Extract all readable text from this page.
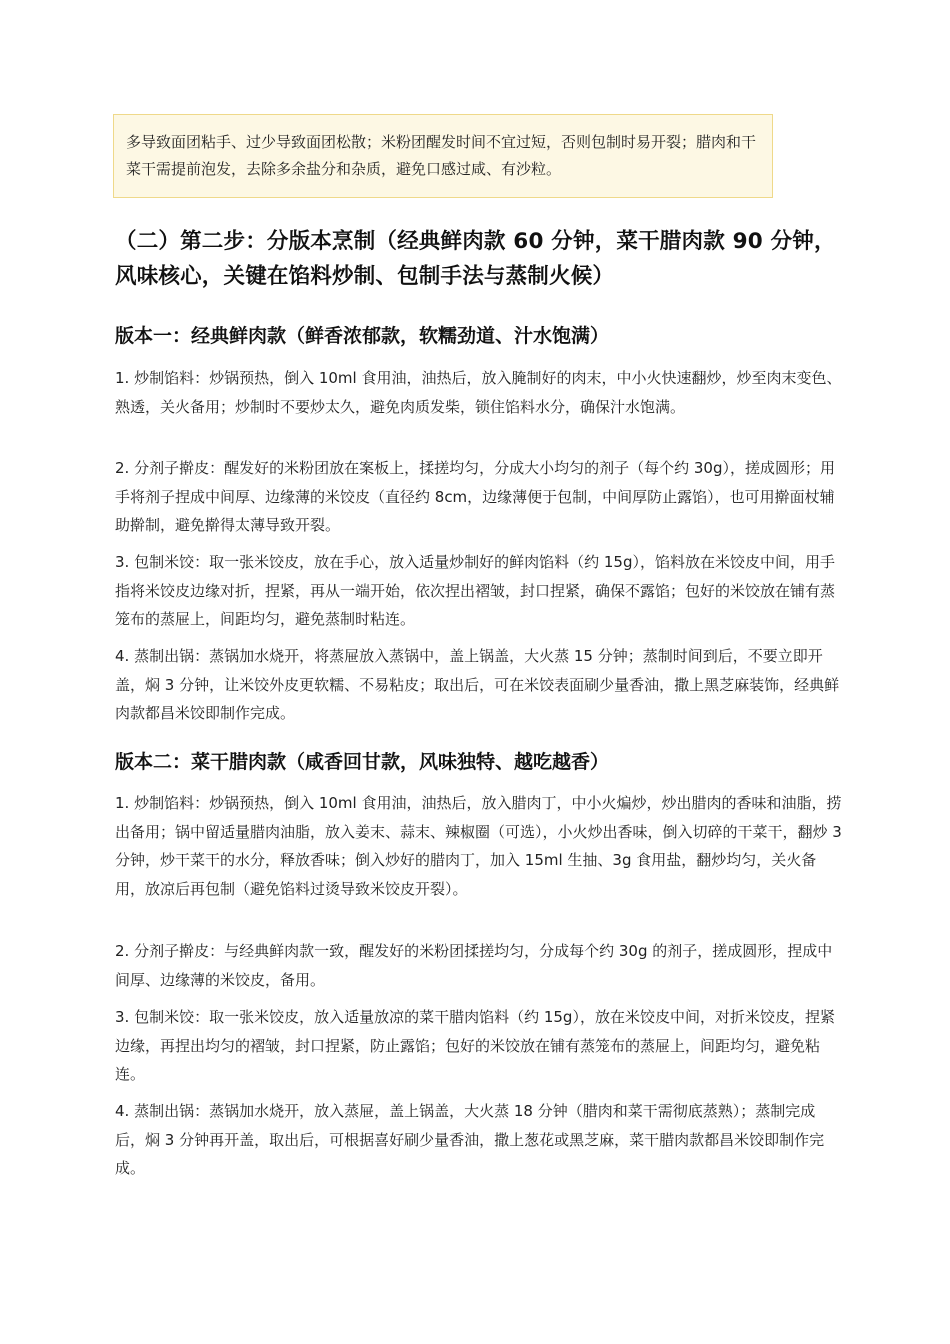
多导致面团粘手、过少导致面团松散；米粉团醒发时间不宜过短，否则包制时易开裂；腊肉和干菜干需提前泡发，去除多余盐分和杂质，避免口感过咸、有沙粒。
（二）第二步：分版本烹制（经典鲜肉款 60 分钟，菜干腊肉款 90 分钟，风味核心，关键在馅料炒制、包制手法与蒸制火候）
版本一：经典鲜肉款（鲜香浓郁款，软糯劲道、汁水饱满）

1. 炒制馅料：炒锅预热，倒入 10ml 食用油，油热后，放入腌制好的肉末，中小火快速翻炒，炒至肉末变色、熟透，关火备用；炒制时不要炒太久，避免肉质发柴，锁住馅料水分，确保汁水饱满。

2. 分剂子擀皮：醒发好的米粉团放在案板上，揉搓均匀，分成大小均匀的剂子（每个约 30g），搓成圆形；用手将剂子捏成中间厚、边缘薄的米饺皮（直径约 8cm，边缘薄便于包制，中间厚防止露馅），也可用擀面杖辅助擀制，避免擀得太薄导致开裂。

3. 包制米饺：取一张米饺皮，放在手心，放入适量炒制好的鲜肉馅料（约 15g），馅料放在米饺皮中间，用手指将米饺皮边缘对折，捏紧，再从一端开始，依次捏出褶皱，封口捏紧，确保不露馅；包好的米饺放在铺有蒸笼布的蒸屉上，间距均匀，避免蒸制时粘连。

4. 蒸制出锅：蒸锅加水烧开，将蒸屉放入蒸锅中，盖上锅盖，大火蒸 15 分钟；蒸制时间到后，不要立即开盖，焖 3 分钟，让米饺外皮更软糯、不易粘皮；取出后，可在米饺表面刷少量香油，撒上黑芝麻装饰，经典鲜肉款都昌米饺即制作完成。

版本二：菜干腊肉款（咸香回甘款，风味独特、越吃越香）

1. 炒制馅料：炒锅预热，倒入 10ml 食用油，油热后，放入腊肉丁，中小火煸炒，炒出腊肉的香味和油脂，捞出备用；锅中留适量腊肉油脂，放入姜末、蒜末、辣椒圈（可选），小火炒出香味，倒入切碎的干菜干，翻炒 3 分钟，炒干菜干的水分，释放香味；倒入炒好的腊肉丁，加入 15ml 生抽、3g 食用盐，翻炒均匀，关火备用，放凉后再包制（避免馅料过烫导致米饺皮开裂）。

2. 分剂子擀皮：与经典鲜肉款一致，醒发好的米粉团揉搓均匀，分成每个约 30g 的剂子，搓成圆形，捏成中间厚、边缘薄的米饺皮，备用。

3. 包制米饺：取一张米饺皮，放入适量放凉的菜干腊肉馅料（约 15g），放在米饺皮中间，对折米饺皮，捏紧边缘，再捏出均匀的褶皱，封口捏紧，防止露馅；包好的米饺放在铺有蒸笼布的蒸屉上，间距均匀，避免粘连。

4. 蒸制出锅：蒸锅加水烧开，放入蒸屉，盖上锅盖，大火蒸 18 分钟（腊肉和菜干需彻底蒸熟）；蒸制完成后，焖 3 分钟再开盖，取出后，可根据喜好刷少量香油，撒上葱花或黑芝麻，菜干腊肉款都昌米饺即制作完成。
